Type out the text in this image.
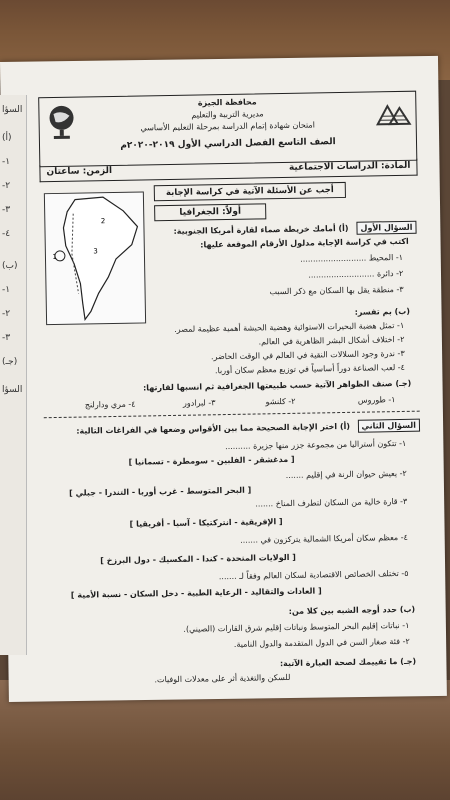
السؤا
(أ)
-١
-٢
-٣
-٤
(ب)
-١
-٢
-٣
(جـ)
السؤا
محافظة الجيزة
مديرية التربية والتعليم
امتحان شهادة إتمام الدراسة بمرحلة التعليم الأساسي
الصف التاسع الفصل الدراسي الأول ٢٠١٩-٢٠٢٠م
المادة: الدراسات الاجتماعية
الزمن: ساعتان
أجب عن الأسئلة الآتية في كراسة الإجابة
أولاً: الجغرافيا
1
2
3
السؤال الأول
(أ) أمامك خريطة صماء لقارة أمريكا الجنوبية:
اكتب في كراسة الإجابة مدلول الأرقام الموقعة عليها:
١- المحيط ..........................
٢- دائرة ..........................
٣- منطقة يقل بها السكان مع ذكر السبب
(ب) بم تفسر:
١- تمثل هضبة البحيرات الاستوائية وهضبة الحبشة أهمية عظيمة لمصر.
٢- اختلاف أشكال البشر الظاهرية في العالم.
٣- ندرة وجود السلالات النقية في العالم في الوقت الحاضر.
٤- لعب الصناعة دوراً أساسياً في توزيع معظم سكان أوربا.
(جـ) صنف الظواهر الآتية حسب طبيعتها الجغرافية ثم انسبها لقارتها:
١- طوروس
٢- كلنشو
٣- لبرادور
٤- مري ودارلنج
السؤال الثاني
(أ) اختر الإجابة الصحيحة مما بين الأقواس وضعها في الفراغات التالية:
١- تتكون أستراليا من مجموعة جزر منها جزيرة ..........
[ مدغشقر - الفلبين - سومطرة - تسمانيا ]
٢- يعيش حيوان الرنة في إقليم .......
[ البحر المتوسط - غرب أوربا - التندرا - جبلي ]
٣- قارة خالية من السكان لتطرف المناخ .......
[ الإفريقية - انتركتيكا - آسيا - أفريقيا ]
٤- معظم سكان أمريكا الشمالية يتركزون في .......
[ الولايات المتحدة - كندا - المكسيك - دول البرزخ ]
٥- تختلف الخصائص الاقتصادية لسكان العالم وفقاً لـ .......
[ العادات والتقاليد - الرعاية الطبية - دخل السكان - نسبة الأمية ]
(ب) حدد أوجه الشبه بين كلا من:
١- نباتات إقليم البحر المتوسط ونباتات إقليم شرق القارات (الصيني).
٢- فئة صغار السن في الدول المتقدمة والدول النامية.
(جـ) ما تقييمك لصحة العبارة الآتية:
للسكن والتغذية أثر على معدلات الوفيات.
